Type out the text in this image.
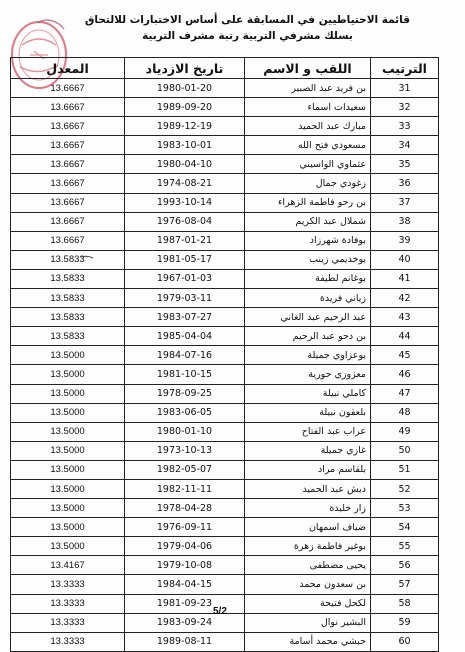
قائمة الاحتياطيين في المسابقة على أساس الاختبارات للالتحاق
بسلك مشرفي التربية رتبة مشرف التربية
الترتيب	اللقب و الاسم	تاريخ الازدياد	المعدل
31	بن فريد عبد الصبير	1980-01-20	13.6667
32	سعيدات اسماء	1989-09-20	13.6667
33	مبارك عبد الحميد	1989-12-19	13.6667
34	مسعودي فتح الله	1983-10-01	13.6667
35	عثماوي الواسيني	1980-04-10	13.6667
36	زغودي جمال	1974-08-21	13.6667
37	بن رحو فاطمة الزهراء	1993-10-14	13.6667
38	شملال عبد الكريم	1976-08-04	13.6667
39	بوفادة شهرزاد	1987-01-21	13.6667
40	بوخديمي زينب	1981-05-17	13.5833
41	بوغانم لطيفة	1967-01-03	13.5833
42	زياني فريدة	1979-03-11	13.5833
43	عبد الرحيم عبد الغاني	1983-07-27	13.5833
44	بن دحو عبد الرحيم	1985-04-04	13.5833
45	بوعزاوي جميلة	1984-07-16	13.5000
46	معزوزي حورية	1981-10-15	13.5000
47	كاملي نبيلة	1978-09-25	13.5000
48	بلعقون نبيلة	1983-06-05	13.5000
49	عراب عبد الفتاح	1980-01-10	13.5000
50	غازي جميلة	1973-10-13	13.5000
51	بلقاسم مراد	1982-05-07	13.5000
52	ديش عبد الحميد	1982-11-11	13.5000
53	زار خليدة	1978-04-28	13.5000
54	ضياف اسمهان	1976-09-11	13.5000
55	بوغير فاطمة زهرة	1979-04-06	13.5000
56	يحيى مصطفى	1979-10-08	13.4167
57	بن سعدون محمد	1984-04-15	13.3333
58	لكحل فتيحة	1981-09-23	13.3333
59	البشير نوال	1983-09-24	13.3333
60	حبشي محمد أسامة	1989-08-11	13.3333
5/2
